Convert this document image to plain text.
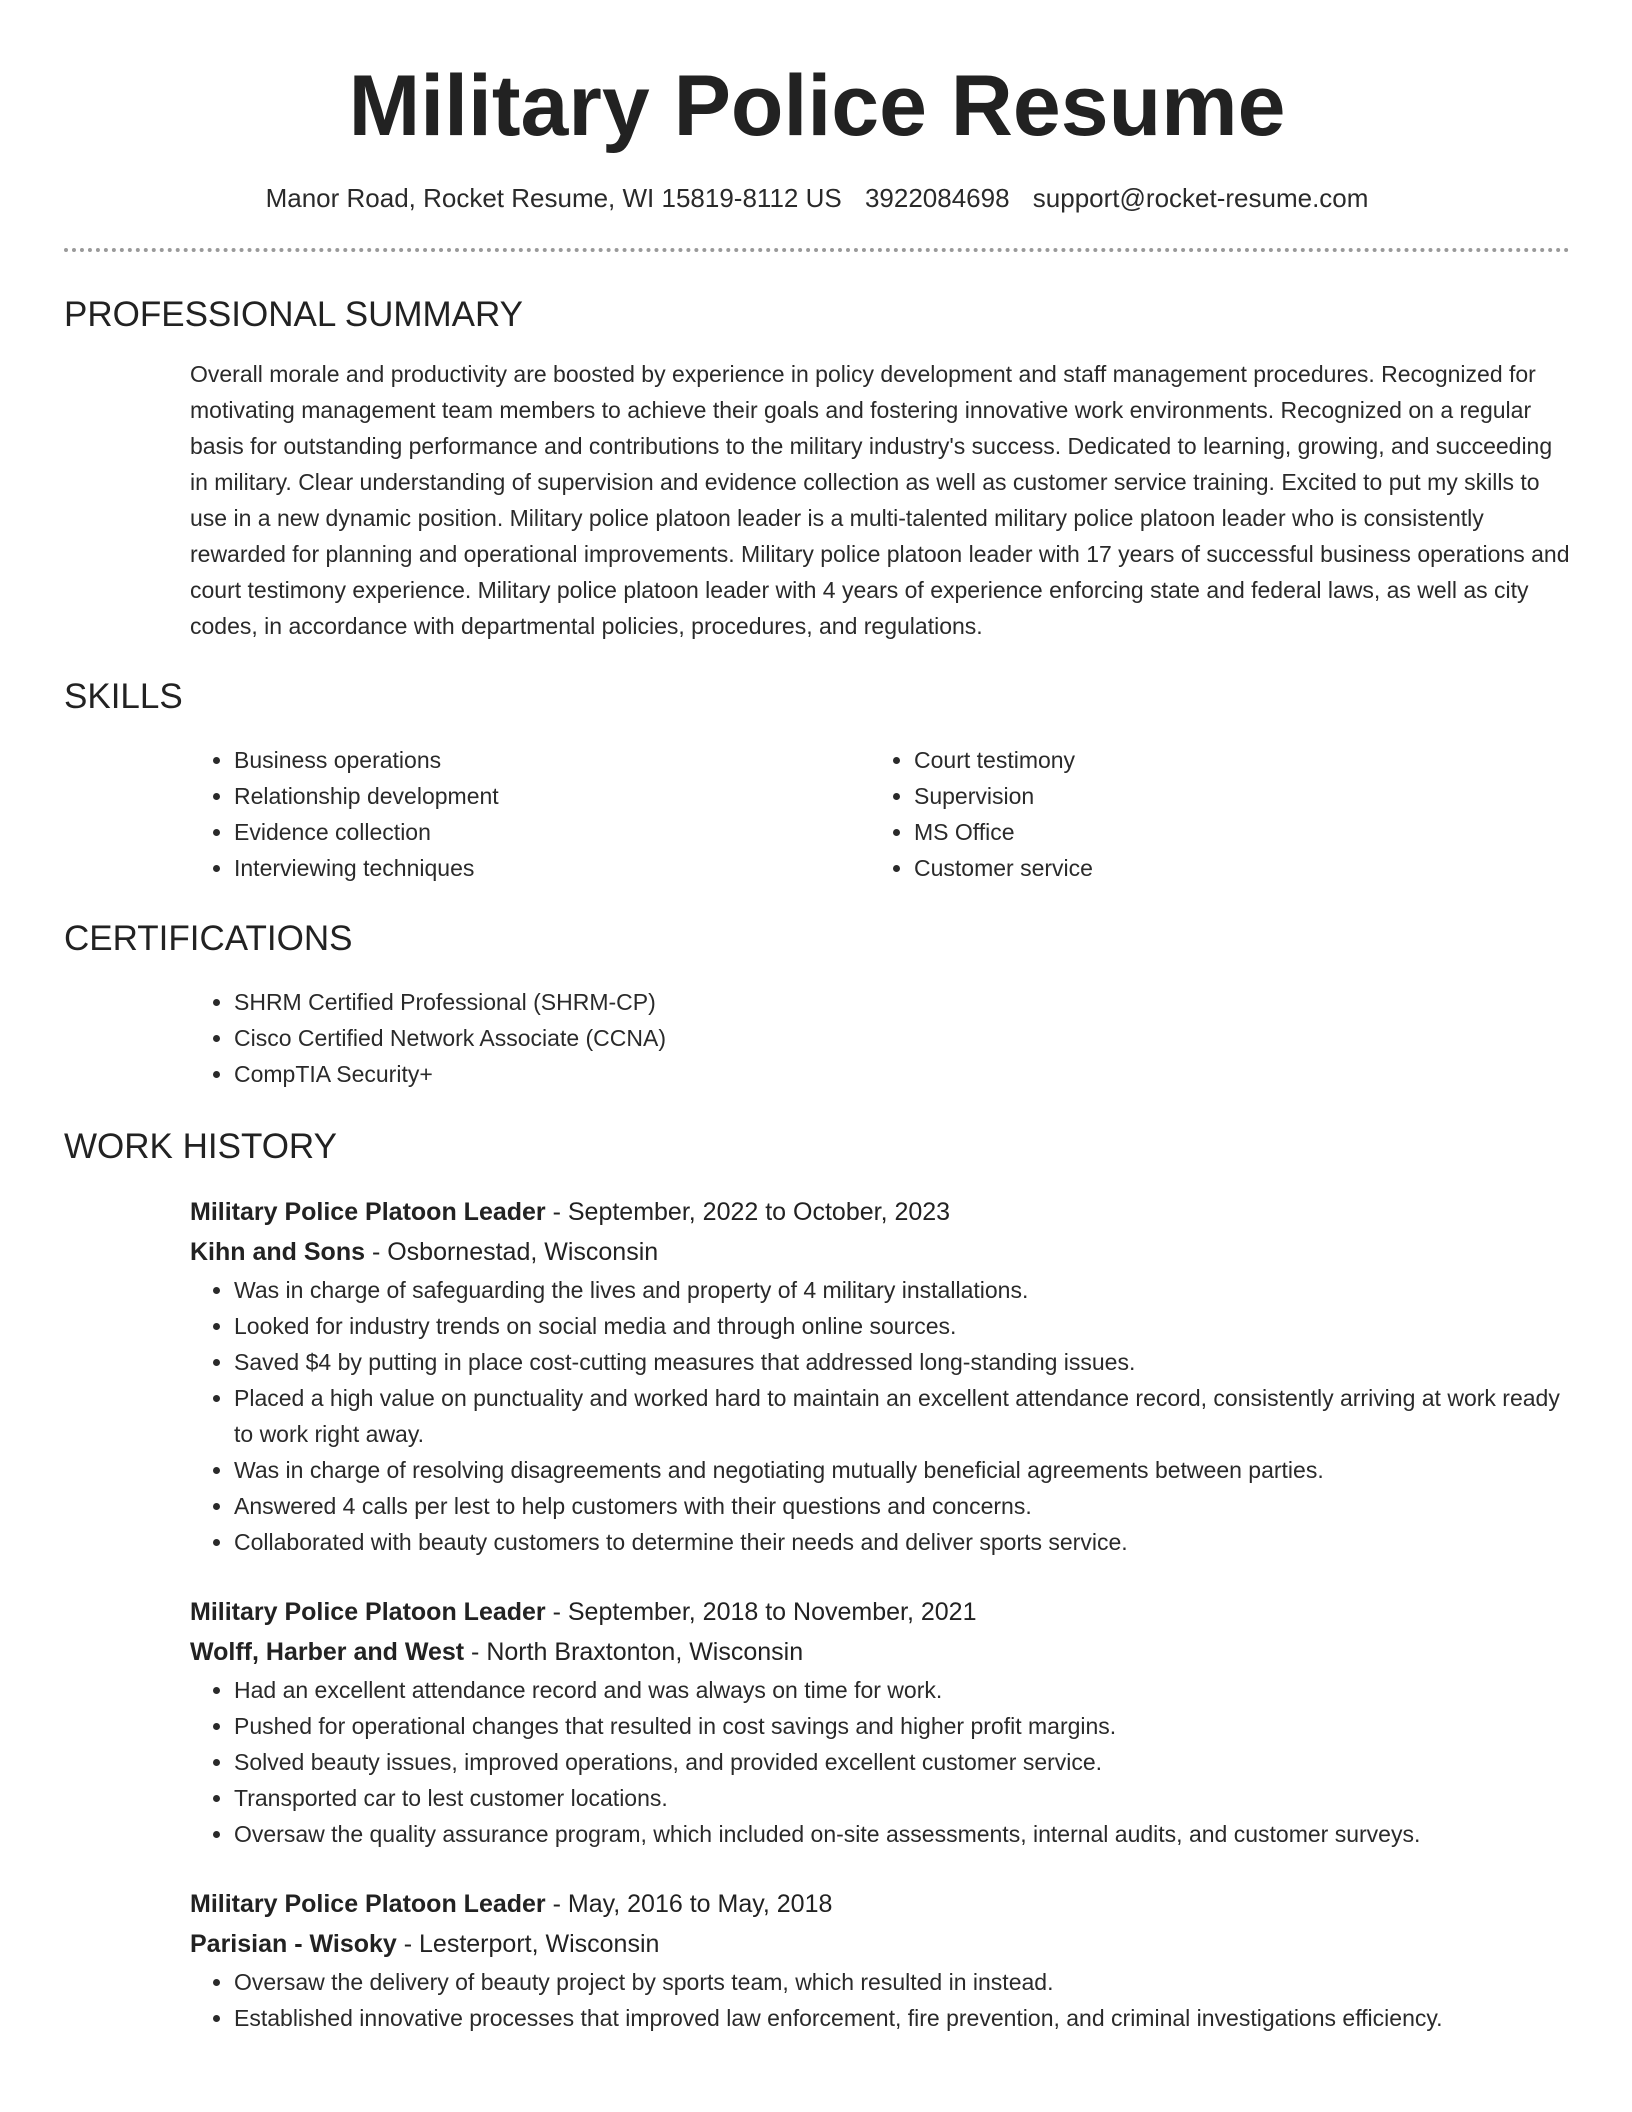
Military Police Resume
Manor Road, Rocket Resume, WI 15819-8112 US 3922084698 support@rocket-resume.com
PROFESSIONAL SUMMARY
Overall morale and productivity are boosted by experience in policy development and staff management procedures. Recognized for motivating management team members to achieve their goals and fostering innovative work environments. Recognized on a regular basis for outstanding performance and contributions to the military industry's success. Dedicated to learning, growing, and succeeding in military. Clear understanding of supervision and evidence collection as well as customer service training. Excited to put my skills to use in a new dynamic position. Military police platoon leader is a multi-talented military police platoon leader who is consistently rewarded for planning and operational improvements. Military police platoon leader with 17 years of successful business operations and court testimony experience. Military police platoon leader with 4 years of experience enforcing state and federal laws, as well as city codes, in accordance with departmental policies, procedures, and regulations.
SKILLS
• Business operations
• Relationship development
• Evidence collection
• Interviewing techniques
• Court testimony
• Supervision
• MS Office
• Customer service
CERTIFICATIONS
• SHRM Certified Professional (SHRM-CP)
• Cisco Certified Network Associate (CCNA)
• CompTIA Security+
WORK HISTORY
Military Police Platoon Leader - September, 2022 to October, 2023
Kihn and Sons - Osbornestad, Wisconsin
• Was in charge of safeguarding the lives and property of 4 military installations.
• Looked for industry trends on social media and through online sources.
• Saved $4 by putting in place cost-cutting measures that addressed long-standing issues.
• Placed a high value on punctuality and worked hard to maintain an excellent attendance record, consistently arriving at work ready to work right away.
• Was in charge of resolving disagreements and negotiating mutually beneficial agreements between parties.
• Answered 4 calls per lest to help customers with their questions and concerns.
• Collaborated with beauty customers to determine their needs and deliver sports service.
Military Police Platoon Leader - September, 2018 to November, 2021
Wolff, Harber and West - North Braxtonton, Wisconsin
• Had an excellent attendance record and was always on time for work.
• Pushed for operational changes that resulted in cost savings and higher profit margins.
• Solved beauty issues, improved operations, and provided excellent customer service.
• Transported car to lest customer locations.
• Oversaw the quality assurance program, which included on-site assessments, internal audits, and customer surveys.
Military Police Platoon Leader - May, 2016 to May, 2018
Parisian - Wisoky - Lesterport, Wisconsin
• Oversaw the delivery of beauty project by sports team, which resulted in instead.
• Established innovative processes that improved law enforcement, fire prevention, and criminal investigations efficiency.
